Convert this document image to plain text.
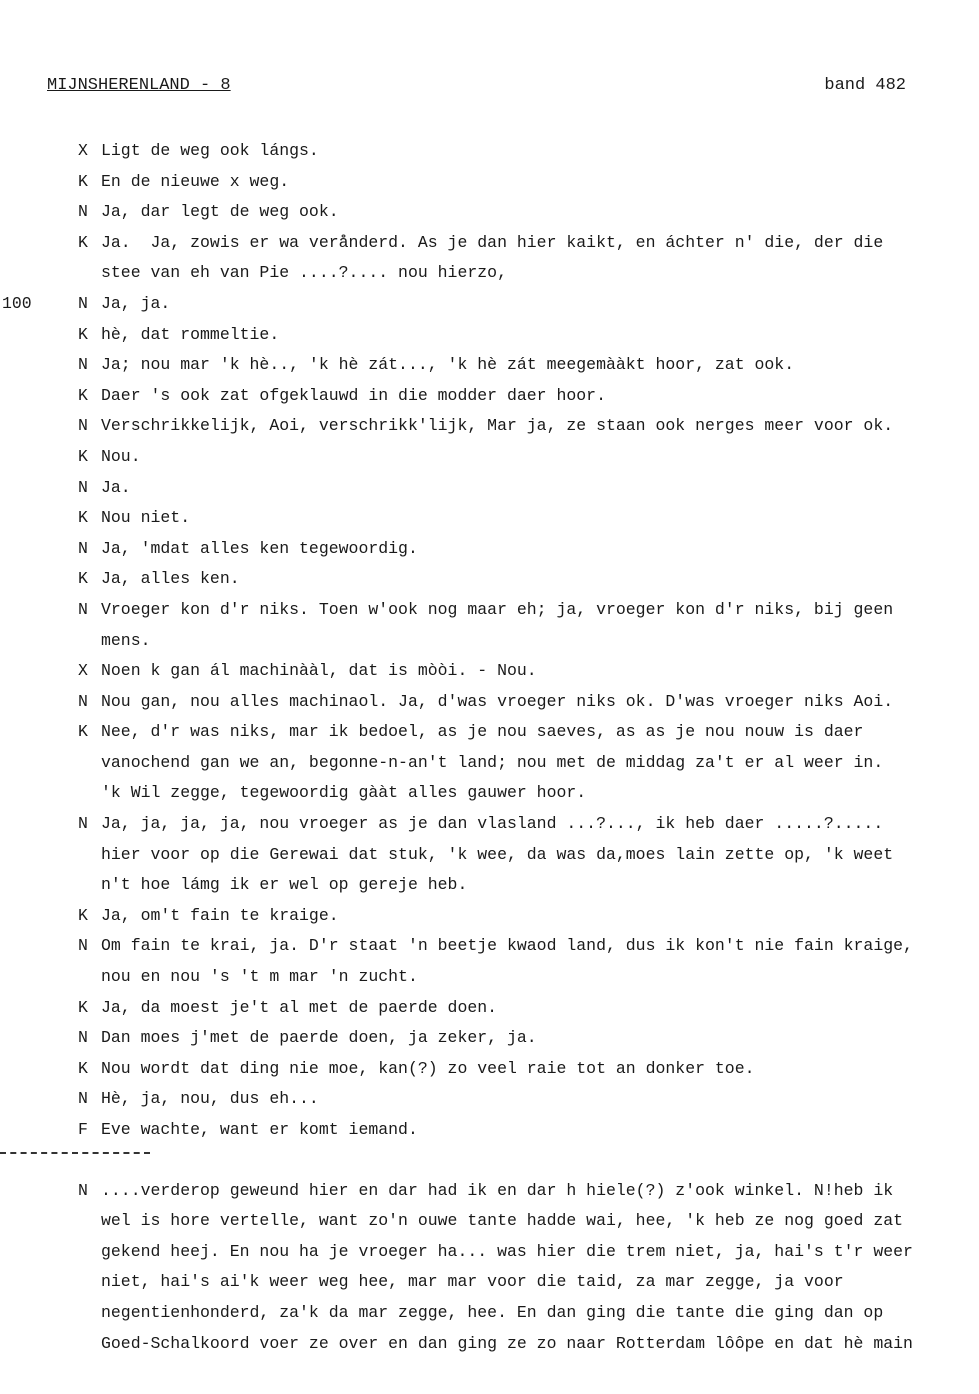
MIJNSHERENLAND - 8	band 482
X Ligt de weg ook lángs.
K En de nieuwe x weg.
N Ja, dar legt de weg ook.
K Ja.  Ja, zowis er wa verånderd. As je dan hier kaikt, en áchter n' die, der die
stee van eh van Pie ....?.... nou hierzo,
100	N Ja, ja.
K hè, dat rommeltie.
N Ja; nou mar 'k hè.., 'k hè zát..., 'k hè zát meegemààkt hoor, zat ook.
K Daer 's ook zat ofgeklauwd in die modder daer hoor.
N Verschrikkelijk, Aoi, verschrikk'lijk, Mar ja, ze staan ook nerges meer voor ok.
K Nou.
N Ja.
K Nou niet.
N Ja, 'mdat alles ken tegewoordig.
K Ja, alles ken.
N Vroeger kon d'r niks. Toen w'ook nog maar eh; ja, vroeger kon d'r niks, bij geen
mens.
X Noen k gan ál machinààl, dat is mòòi. - Nou.
N Nou gan, nou alles machinaol. Ja, d'was vroeger niks ok. D'was vroeger niks Aoi.
K Nee, d'r was niks, mar ik bedoel, as je nou saeves, as as je nou nouw is daer
vanochend gan we an, begonne-n-an't land; nou met de middag za't er al weer in.
'k Wil zegge, tegewoordig gààt alles gauwer hoor.
N Ja, ja, ja, ja, nou vroeger as je dan vlasland ...?..., ik heb daer .....?.....
hier voor op die Gerewai dat stuk, 'k wee, da was da,moes lain zette op, 'k weet
n't hoe lámg ik er wel op gereje heb.
K Ja, om't fain te kraige.
N Om fain te krai, ja. D'r staat 'n beetje kwaod land, dus ik kon't nie fain kraige,
nou en nou 's 't m mar 'n zucht.
K Ja, da moest je't al met de paerde doen.
N Dan moes j'met de paerde doen, ja zeker, ja.
K Nou wordt dat ding nie moe, kan(?) zo veel raie tot an donker toe.
N Hè, ja, nou, dus eh...
F Eve wachte, want er komt iemand.
N ....verderop geweund hier en dar had ik en dar h hiele(?) z'ook winkel. N!heb ik
wel is hore vertelle, want zo'n ouwe tante hadde wai, hee, 'k heb ze nog goed zat
gekend heej. En nou ha je vroeger ha... was hier die trem niet, ja, hai's t'r weer
niet, hai's ai'k weer weg hee, mar mar voor die taid, za mar zegge, ja voor
negentienhonderd, za'k da mar zegge, hee. En dan ging die tante die ging dan op
Goed-Schalkoord voer ze over en dan ging ze zo naar Rotterdam lôôpe en dat hè main
